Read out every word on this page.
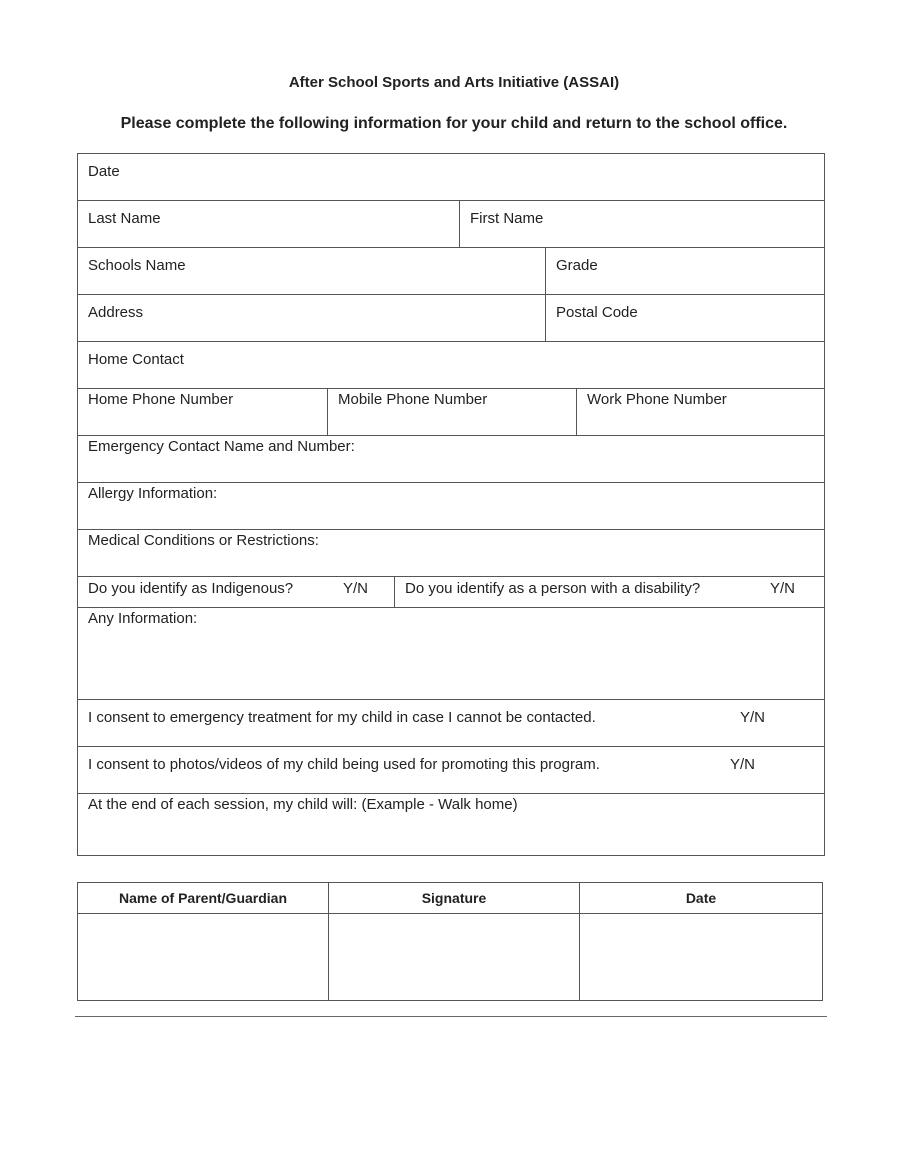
After School Sports and Arts Initiative (ASSAI)
Please complete the following information for your child and return to the school office.
Date
Last Name	First Name
Schools Name	Grade
Address	Postal Code
Home Contact
Home Phone Number	Mobile Phone Number	Work Phone Number
Emergency Contact Name and Number:
Allergy Information:
Medical Conditions or Restrictions:
Do you identify as Indigenous?	Y/N	Do you identify as a person with a disability?	Y/N
Any Information:
I consent to emergency treatment for my child in case I cannot be contacted.	Y/N
I consent to photos/videos of my child being used for promoting this program.	Y/N
At the end of each session, my child will: (Example - Walk home)
Name of Parent/Guardian	Signature	Date
